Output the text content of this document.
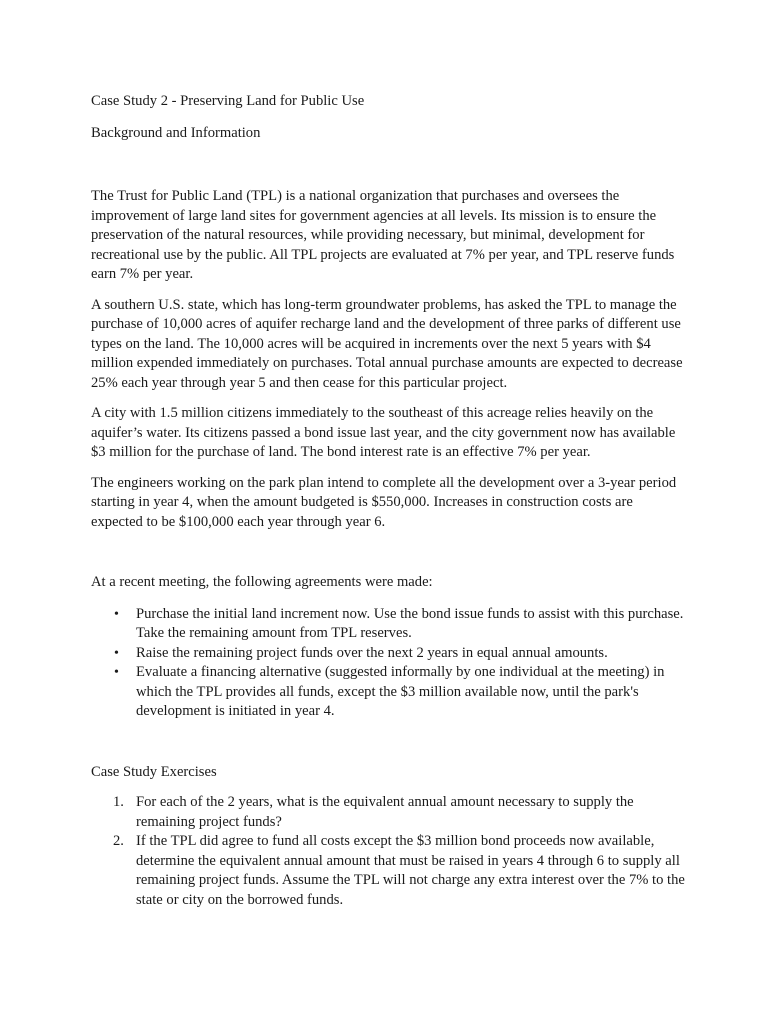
Case Study 2 - Preserving Land for Public Use
Background and Information

The Trust for Public Land (TPL) is a national organization that purchases and oversees the improvement of large land sites for government agencies at all levels. Its mission is to ensure the preservation of the natural resources, while providing necessary, but minimal, development for recreational use by the public. All TPL projects are evaluated at 7% per year, and TPL reserve funds earn 7% per year.

A southern U.S. state, which has long-term groundwater problems, has asked the TPL to manage the purchase of 10,000 acres of aquifer recharge land and the development of three parks of different use types on the land. The 10,000 acres will be acquired in increments over the next 5 years with $4 million expended immediately on purchases. Total annual purchase amounts are expected to decrease 25% each year through year 5 and then cease for this particular project.

A city with 1.5 million citizens immediately to the southeast of this acreage relies heavily on the aquifer’s water. Its citizens passed a bond issue last year, and the city government now has available $3 million for the purchase of land. The bond interest rate is an effective 7% per year.

The engineers working on the park plan intend to complete all the development over a 3-year period starting in year 4, when the amount budgeted is $550,000. Increases in construction costs are expected to be $100,000 each year through year 6.

At a recent meeting, the following agreements were made:

• Purchase the initial land increment now. Use the bond issue funds to assist with this purchase. Take the remaining amount from TPL reserves.
• Raise the remaining project funds over the next 2 years in equal annual amounts.
• Evaluate a financing alternative (suggested informally by one individual at the meeting) in which the TPL provides all funds, except the $3 million available now, until the park's development is initiated in year 4.
Case Study Exercises
1. For each of the 2 years, what is the equivalent annual amount necessary to supply the remaining project funds?
2. If the TPL did agree to fund all costs except the $3 million bond proceeds now available, determine the equivalent annual amount that must be raised in years 4 through 6 to supply all remaining project funds. Assume the TPL will not charge any extra interest over the 7% to the state or city on the borrowed funds.
